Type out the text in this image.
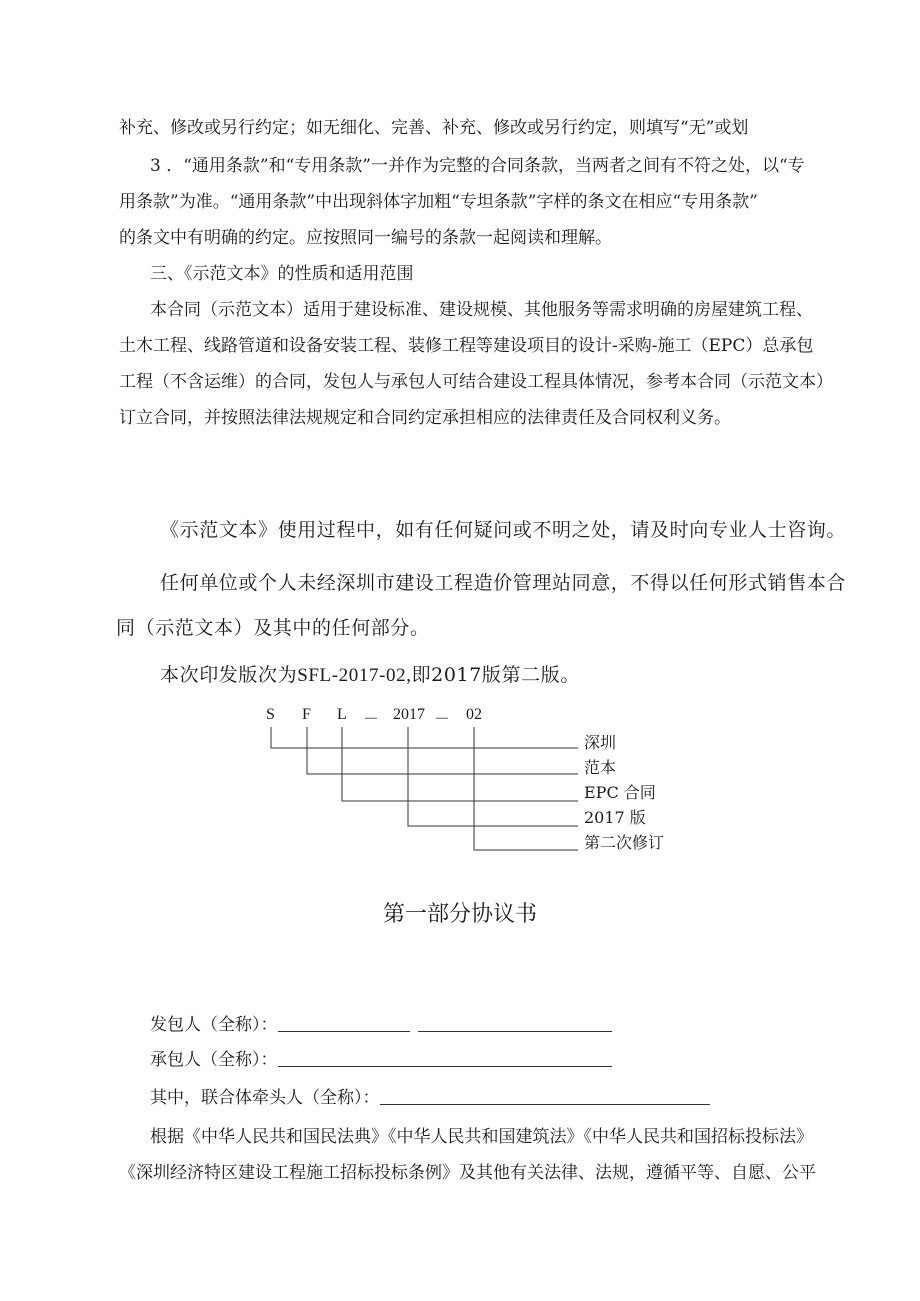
补充、修改或另行约定；如无细化、完善、补充、修改或另行约定，则填写“无”或划
3 ．“通用条款”和“专用条款”一并作为完整的合同条款，当两者之间有不符之处，以“专
用条款”为准。“通用条款”中出现斜体字加粗“专坦条款”字样的条文在相应“专用条款”
的条文中有明确的约定。应按照同一编号的条款一起阅读和理解。
三、《示范文本》的性质和适用范围
本合同（示范文本）适用于建设标准、建设规模、其他服务等需求明确的房屋建筑工程、
土木工程、线路管道和设备安装工程、装修工程等建设项目的设计-采购-施工（EPC）总承包
工程（不含运维）的合同，发包人与承包人可结合建设工程具体情况，参考本合同（示范文本）
订立合同，并按照法律法规规定和合同约定承担相应的法律责任及合同权利义务。
《示范文本》使用过程中，如有任何疑问或不明之处，请及时向专业人士咨询。
任何单位或个人未经深圳市建设工程造价管理站同意，不得以任何形式销售本合
同（示范文本）及其中的任何部分。
本次印发版次为SFL-2017-02,即2017版第二版。
S F L － 2017 － 02
深圳
范本
EPC 合同
2017 版
第二次修订
第一部分协议书
发包人（全称）：
承包人（全称）：
其中，联合体牵头人（全称）：
根据《中华人民共和国民法典》《中华人民共和国建筑法》《中华人民共和国招标投标法》
《深圳经济特区建设工程施工招标投标条例》及其他有关法律、法规，遵循平等、自愿、公平
